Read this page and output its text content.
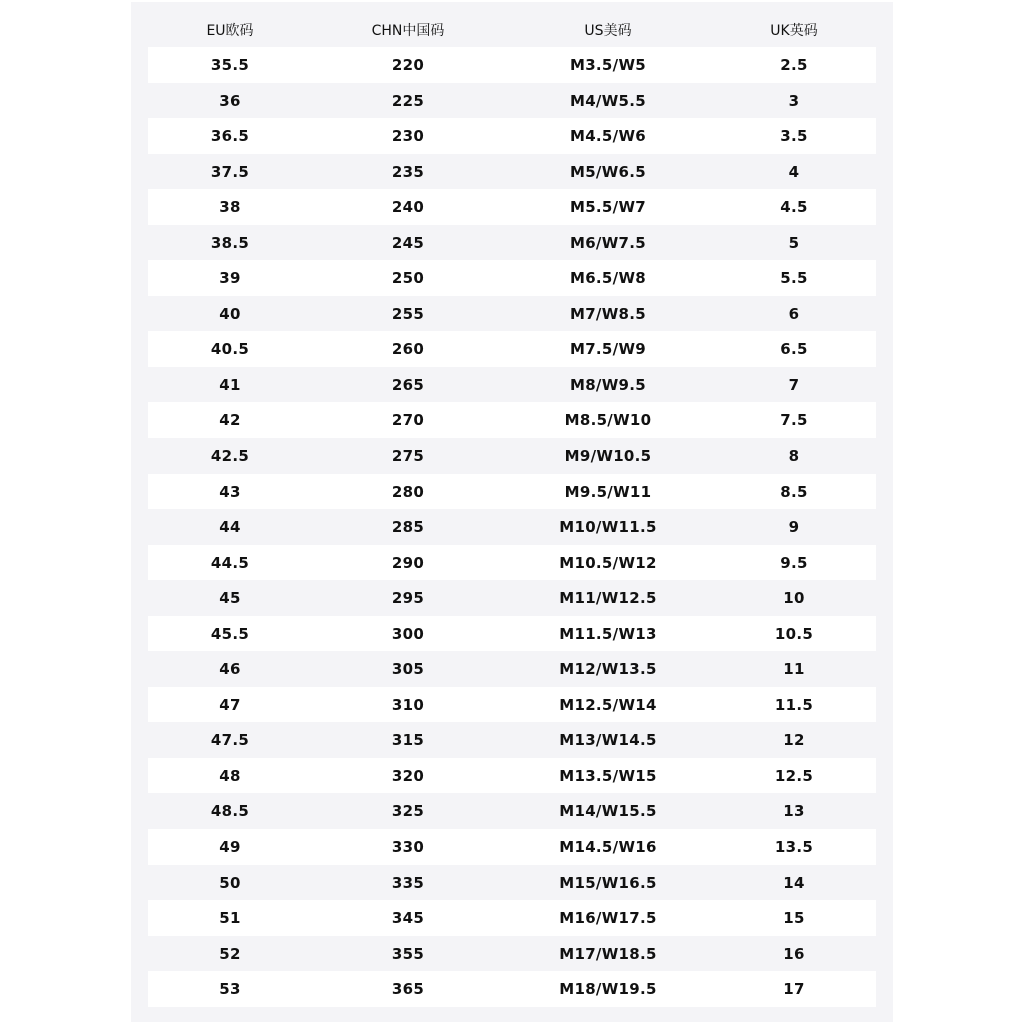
EU欧码	CHN中国码	US美码	UK英码
35.5	220	M3.5/W5	2.5
36	225	M4/W5.5	3
36.5	230	M4.5/W6	3.5
37.5	235	M5/W6.5	4
38	240	M5.5/W7	4.5
38.5	245	M6/W7.5	5
39	250	M6.5/W8	5.5
40	255	M7/W8.5	6
40.5	260	M7.5/W9	6.5
41	265	M8/W9.5	7
42	270	M8.5/W10	7.5
42.5	275	M9/W10.5	8
43	280	M9.5/W11	8.5
44	285	M10/W11.5	9
44.5	290	M10.5/W12	9.5
45	295	M11/W12.5	10
45.5	300	M11.5/W13	10.5
46	305	M12/W13.5	11
47	310	M12.5/W14	11.5
47.5	315	M13/W14.5	12
48	320	M13.5/W15	12.5
48.5	325	M14/W15.5	13
49	330	M14.5/W16	13.5
50	335	M15/W16.5	14
51	345	M16/W17.5	15
52	355	M17/W18.5	16
53	365	M18/W19.5	17
